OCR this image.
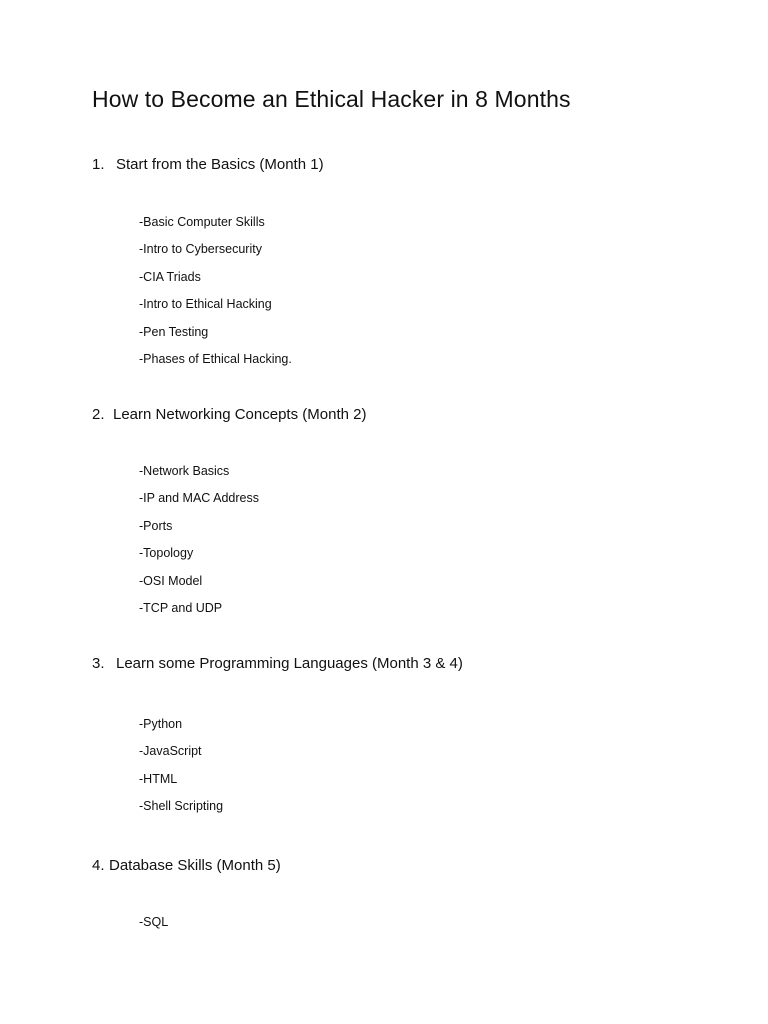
How to Become an Ethical Hacker in 8 Months
1. Start from the Basics (Month 1)
-Basic Computer Skills
-Intro to Cybersecurity
-CIA Triads
-Intro to Ethical Hacking
-Pen Testing
-Phases of Ethical Hacking.
2. Learn Networking Concepts (Month 2)
-Network Basics
-IP and MAC Address
-Ports
-Topology
-OSI Model
-TCP and UDP
3. Learn some Programming Languages (Month 3 & 4)
-Python
-JavaScript
-HTML
-Shell Scripting
4. Database Skills (Month 5)
-SQL
